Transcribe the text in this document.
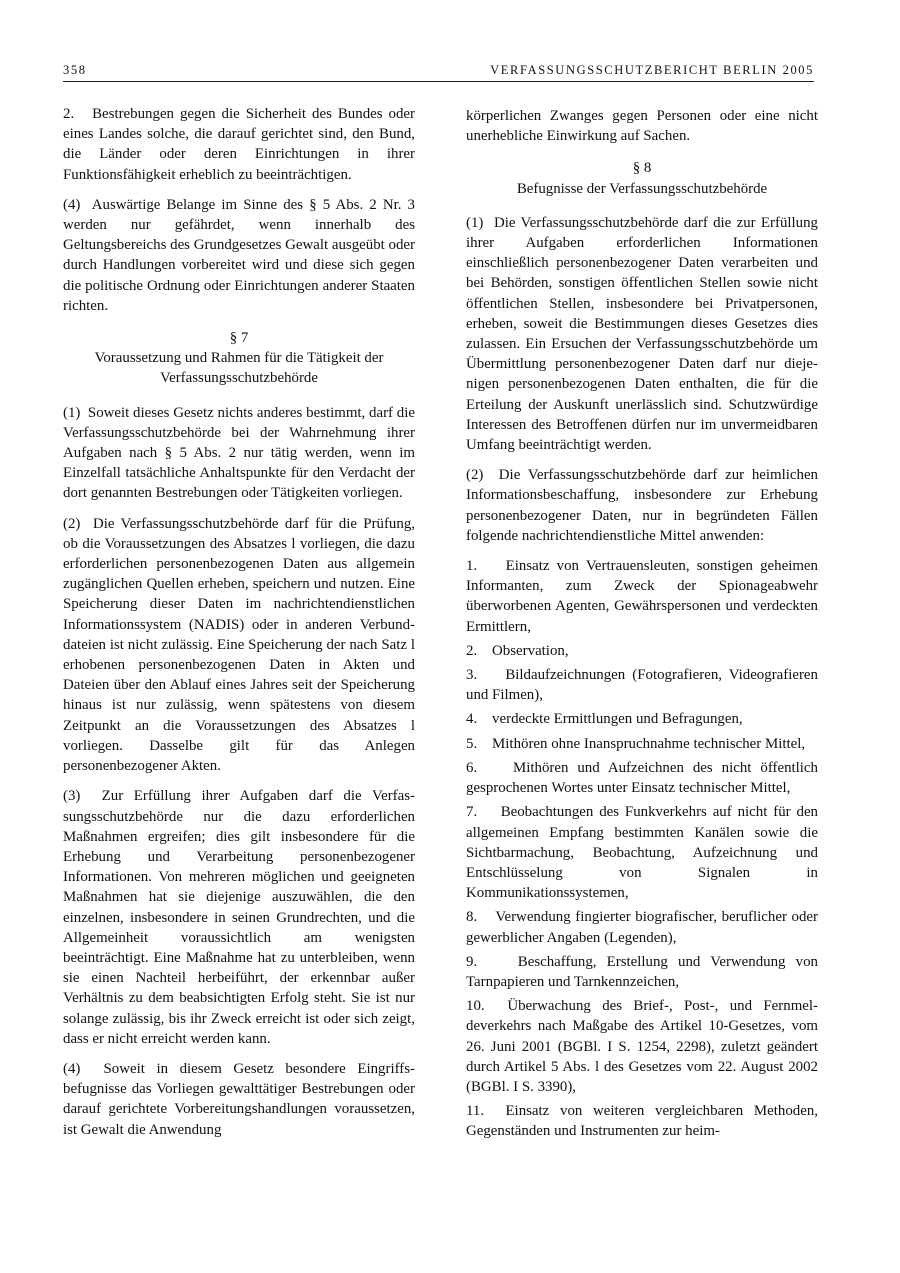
358	VERFASSUNGSSCHUTZBERICHT BERLIN 2005

2.   Bestrebungen gegen die Sicherheit des Bundes oder eines Landes solche, die darauf gerichtet sind, den Bund, die Länder oder deren Einrichtungen in ihrer Funktionsfähigkeit erheblich zu beeinträchtigen.

(4)  Auswärtige Belange im Sinne des § 5 Abs. 2 Nr. 3 werden nur gefährdet, wenn innerhalb des Geltungsbereichs des Grundgesetzes Gewalt ausgeübt oder durch Handlungen vorbereitet wird und diese sich gegen die politische Ordnung oder Einrichtungen anderer Staaten richten.

§ 7

Voraussetzung und Rahmen für die Tätigkeit der Verfassungsschutzbehörde

(1)  Soweit dieses Gesetz nichts anderes bestimmt, darf die Verfassungsschutzbehörde bei der Wahrnehmung ihrer Aufgaben nach § 5 Abs. 2 nur tätig werden, wenn im Einzelfall tatsächliche Anhaltspunkte für den Verdacht der dort genannten Bestrebungen oder Tätigkeiten vorliegen.

(2)  Die Verfassungsschutzbehörde darf für die Prüfung, ob die Voraussetzungen des Absatzes l vorliegen, die dazu erforderlichen personenbezogenen Daten aus allgemein zugänglichen Quellen erheben, speichern und nutzen. Eine Speicherung dieser Daten im nachrichtendienstlichen Informationssystem (NADIS) oder in anderen Verbunddateien ist nicht zulässig. Eine Speicherung der nach Satz l erhobenen personenbezogenen Daten in Akten und Dateien über den Ablauf eines Jahres seit der Speicherung hinaus ist nur zulässig, wenn spätestens von diesem Zeitpunkt an die Voraussetzungen des Absatzes l vorliegen. Dasselbe gilt für das Anlegen personenbezogener Akten.

(3)  Zur Erfüllung ihrer Aufgaben darf die Verfassungsschutzbehörde nur die dazu erforderlichen Maßnahmen ergreifen; dies gilt insbesondere für die Erhebung und Verarbeitung personenbezogener Informationen. Von mehreren möglichen und geeigneten Maßnahmen hat sie diejenige auszuwählen, die den einzelnen, insbesondere in seinen Grundrechten, und die Allgemeinheit voraussichtlich am wenigsten beeinträchtigt. Eine Maßnahme hat zu unterbleiben, wenn sie einen Nachteil herbeiführt, der erkennbar außer Verhältnis zu dem beabsichtigten Erfolg steht. Sie ist nur solange zulässig, bis ihr Zweck erreicht ist oder sich zeigt, dass er nicht erreicht werden kann.

(4)  Soweit in diesem Gesetz besondere Eingriffsbefugnisse das Vorliegen gewalttätiger Bestrebungen oder darauf gerichtete Vorbereitungshandlungen voraussetzen, ist Gewalt die Anwendung

körperlichen Zwanges gegen Personen oder eine nicht unerhebliche Einwirkung auf Sachen.

§ 8

Befugnisse der Verfassungsschutzbehörde

(1)  Die Verfassungsschutzbehörde darf die zur Erfüllung ihrer Aufgaben erforderlichen Informationen einschließlich personenbezogener Daten verarbeiten und bei Behörden, sonstigen öffentlichen Stellen sowie nicht öffentlichen Stellen, insbesondere bei Privatpersonen, erheben, soweit die Bestimmungen dieses Gesetzes dies zulassen. Ein Ersuchen der Verfassungsschutzbehörde um Übermittlung personenbezogener Daten darf nur diejenigen personenbezogenen Daten enthalten, die für die Erteilung der Auskunft unerlässlich sind. Schutzwürdige Interessen des Betroffenen dürfen nur im unvermeidbaren Umfang beeinträchtigt werden.

(2)  Die Verfassungsschutzbehörde darf zur heimlichen Informationsbeschaffung, insbesondere zur Erhebung personenbezogener Daten, nur in begründeten Fällen folgende nachrichtendienstliche Mittel anwenden:

1.    Einsatz von Vertrauensleuten, sonstigen geheimen Informanten, zum Zweck der Spionageabwehr überworbenen Agenten, Gewährspersonen und verdeckten Ermittlern,

2.    Observation,

3.    Bildaufzeichnungen (Fotografieren, Videografieren und Filmen),

4.    verdeckte Ermittlungen und Befragungen,

5.    Mithören ohne Inanspruchnahme technischer Mittel,

6.    Mithören und Aufzeichnen des nicht öffentlich gesprochenen Wortes unter Einsatz technischer Mittel,

7.    Beobachtungen des Funkverkehrs auf nicht für den allgemeinen Empfang bestimmten Kanälen sowie die Sichtbarmachung, Beobachtung, Aufzeichnung und Entschlüsselung von Signalen in Kommunikationssystemen,

8.    Verwendung fingierter biografischer, beruflicher oder gewerblicher Angaben (Legenden),

9.    Beschaffung, Erstellung und Verwendung von Tarnpapieren und Tarnkennzeichen,

10.  Überwachung des Brief-, Post-, und Fernmeldeverkehrs nach Maßgabe des Artikel 10-Gesetzes, vom 26. Juni 2001 (BGBl. I S. 1254, 2298), zuletzt geändert durch Artikel 5 Abs. l des Gesetzes vom 22. August 2002 (BGBl. I S. 3390),

11.  Einsatz von weiteren vergleichbaren Methoden, Gegenständen und Instrumenten zur heim-
